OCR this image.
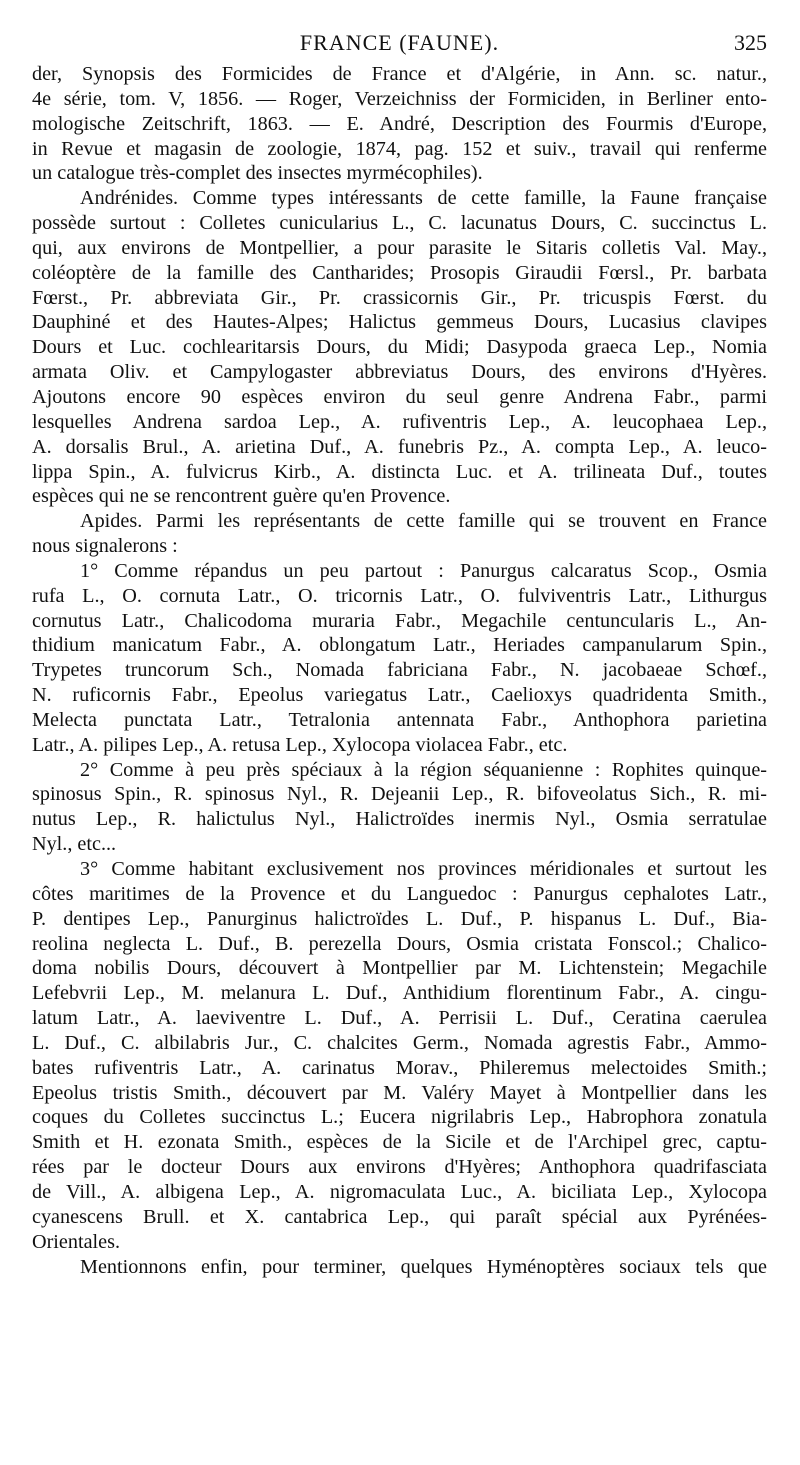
FRANCE (FAUNE).	325
der, Synopsis des Formicides de France et d'Algérie, in Ann. sc. natur.,
4e série, tom. V, 1856. — Roger, Verzeichniss der Formiciden, in Berliner ento-
mologische Zeitschrift, 1863. — E. André, Description des Fourmis d'Europe,
in Revue et magasin de zoologie, 1874, pag. 152 et suiv., travail qui renferme
un catalogue très-complet des insectes myrmécophiles).
Andrénides. Comme types intéressants de cette famille, la Faune française
possède surtout : Colletes cunicularius L., C. lacunatus Dours, C. succinctus L.
qui, aux environs de Montpellier, a pour parasite le Sitaris colletis Val. May.,
coléoptère de la famille des Cantharides; Prosopis Giraudii Fœrsl., Pr. barbata
Fœrst., Pr. abbreviata Gir., Pr. crassicornis Gir., Pr. tricuspis Fœrst. du
Dauphiné et des Hautes-Alpes; Halictus gemmeus Dours, Lucasius clavipes
Dours et Luc. cochlearitarsis Dours, du Midi; Dasypoda graeca Lep., Nomia
armata Oliv. et Campylogaster abbreviatus Dours, des environs d'Hyères.
Ajoutons encore 90 espèces environ du seul genre Andrena Fabr., parmi
lesquelles Andrena sardoa Lep., A. rufiventris Lep., A. leucophaea Lep.,
A. dorsalis Brul., A. arietina Duf., A. funebris Pz., A. compta Lep., A. leuco-
lippa Spin., A. fulvicrus Kirb., A. distincta Luc. et A. trilineata Duf., toutes
espèces qui ne se rencontrent guère qu'en Provence.
Apides. Parmi les représentants de cette famille qui se trouvent en France
nous signalerons :
1° Comme répandus un peu partout : Panurgus calcaratus Scop., Osmia
rufa L., O. cornuta Latr., O. tricornis Latr., O. fulviventris Latr., Lithurgus
cornutus Latr., Chalicodoma muraria Fabr., Megachile centuncularis L., An-
thidium manicatum Fabr., A. oblongatum Latr., Heriades campanularum Spin.,
Trypetes truncorum Sch., Nomada fabriciana Fabr., N. jacobaeae Schœf.,
N. ruficornis Fabr., Epeolus variegatus Latr., Caelioxys quadridenta Smith.,
Melecta punctata Latr., Tetralonia antennata Fabr., Anthophora parietina
Latr., A. pilipes Lep., A. retusa Lep., Xylocopa violacea Fabr., etc.
2° Comme à peu près spéciaux à la région séquanienne : Rophites quinque-
spinosus Spin., R. spinosus Nyl., R. Dejeanii Lep., R. bifoveolatus Sich., R. mi-
nutus Lep., R. halictulus Nyl., Halictroïdes inermis Nyl., Osmia serratulae
Nyl., etc...
3° Comme habitant exclusivement nos provinces méridionales et surtout les
côtes maritimes de la Provence et du Languedoc : Panurgus cephalotes Latr.,
P. dentipes Lep., Panurginus halictroïdes L. Duf., P. hispanus L. Duf., Bia-
reolina neglecta L. Duf., B. perezella Dours, Osmia cristata Fonscol.; Chalico-
doma nobilis Dours, découvert à Montpellier par M. Lichtenstein; Megachile
Lefebvrii Lep., M. melanura L. Duf., Anthidium florentinum Fabr., A. cingu-
latum Latr., A. laeviventre L. Duf., A. Perrisii L. Duf., Ceratina caerulea
L. Duf., C. albilabris Jur., C. chalcites Germ., Nomada agrestis Fabr., Ammo-
bates rufiventris Latr., A. carinatus Morav., Phileremus melectoides Smith.;
Epeolus tristis Smith., découvert par M. Valéry Mayet à Montpellier dans les
coques du Colletes succinctus L.; Eucera nigrilabris Lep., Habrophora zonatula
Smith et H. ezonata Smith., espèces de la Sicile et de l'Archipel grec, captu-
rées par le docteur Dours aux environs d'Hyères; Anthophora quadrifasciata
de Vill., A. albigena Lep., A. nigromaculata Luc., A. biciliata Lep., Xylocopa
cyanescens Brull. et X. cantabrica Lep., qui paraît spécial aux Pyrénées-
Orientales.
Mentionnons enfin, pour terminer, quelques Hyménoptères sociaux tels que
